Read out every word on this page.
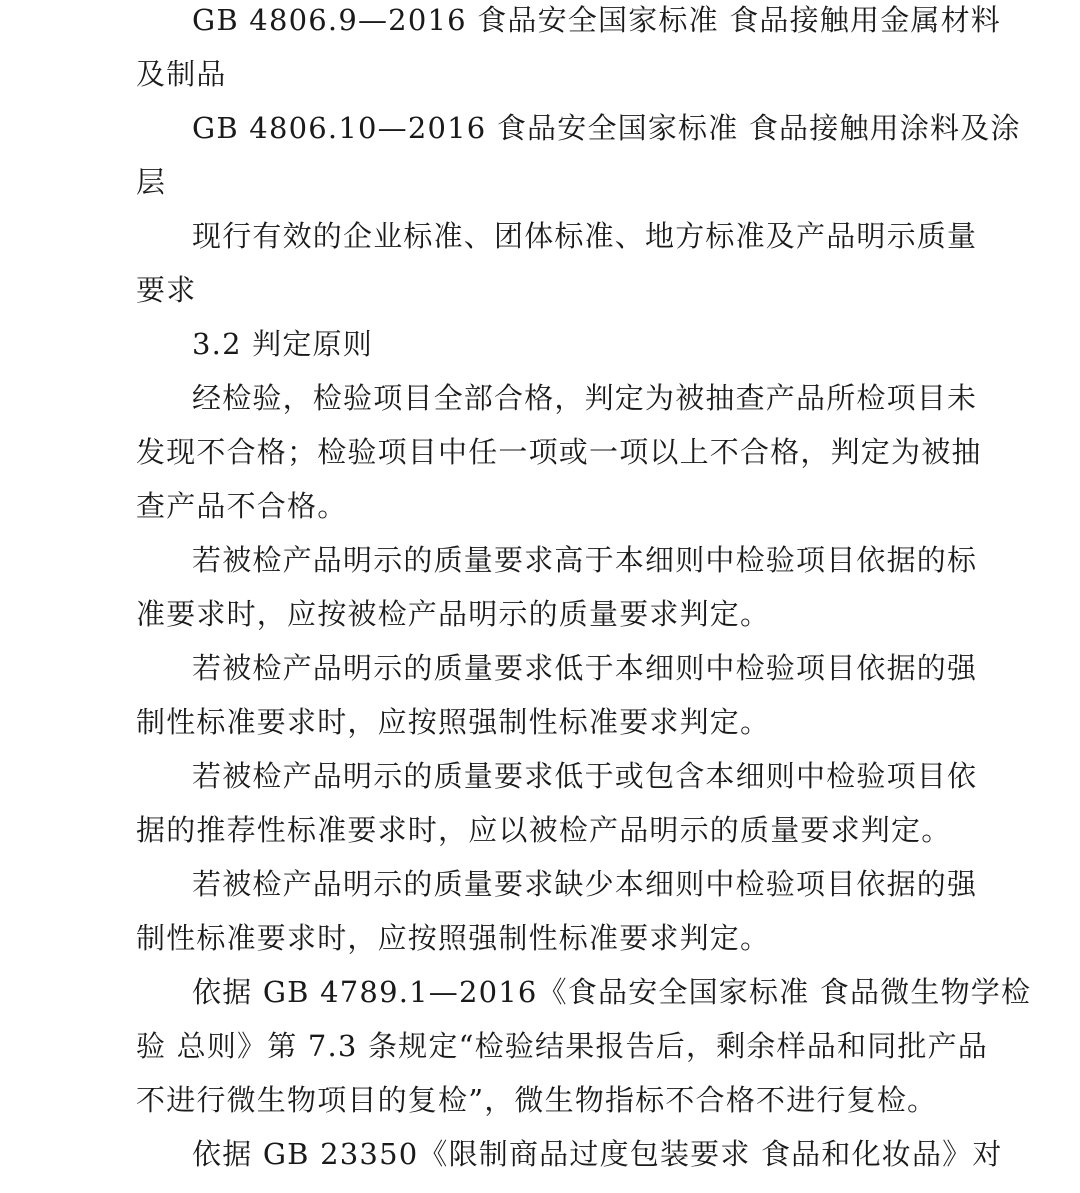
GB 4806.9—2016 食品安全国家标准 食品接触用金属材料
及制品
GB 4806.10—2016 食品安全国家标准 食品接触用涂料及涂
层
现行有效的企业标准、团体标准、地方标准及产品明示质量
要求
3.2 判定原则
经检验，检验项目全部合格，判定为被抽查产品所检项目未
发现不合格；检验项目中任一项或一项以上不合格，判定为被抽
查产品不合格。
若被检产品明示的质量要求高于本细则中检验项目依据的标
准要求时，应按被检产品明示的质量要求判定。
若被检产品明示的质量要求低于本细则中检验项目依据的强
制性标准要求时，应按照强制性标准要求判定。
若被检产品明示的质量要求低于或包含本细则中检验项目依
据的推荐性标准要求时，应以被检产品明示的质量要求判定。
若被检产品明示的质量要求缺少本细则中检验项目依据的强
制性标准要求时，应按照强制性标准要求判定。
依据 GB 4789.1—2016《食品安全国家标准 食品微生物学检
验 总则》第 7.3 条规定“检验结果报告后，剩余样品和同批产品
不进行微生物项目的复检”，微生物指标不合格不进行复检。
依据 GB 23350《限制商品过度包装要求 食品和化妆品》对
